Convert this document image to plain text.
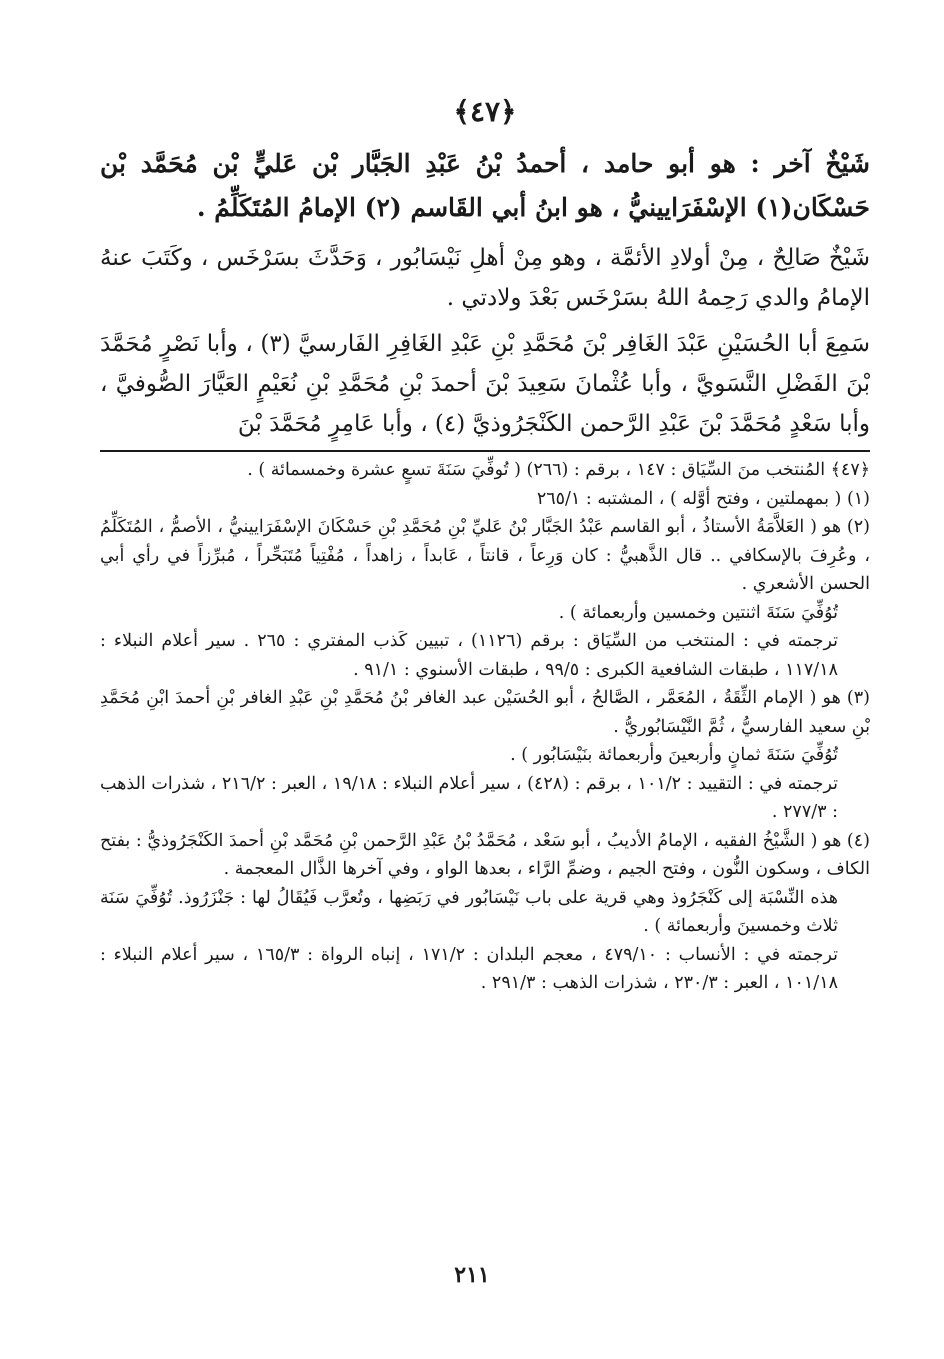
﴿٤٧﴾

شَيْخٌ آخر : هو أبو حامد ، أحمدُ بْنُ عَبْدِ الجَبَّار بْن عَليٍّ بْن مُحَمَّد بْن حَسْكَان(١) الإسْفَرَايينيُّ ، هو ابنُ أبي القَاسم (٢) الإمامُ المُتَكَلِّمُ .

شَيْخٌ صَالِحٌ ، مِنْ أولادِ الأئمَّة ، وهو مِنْ أهلِ نَيْسَابُور ، وَحَدَّثَ بسَرْخَس ، وكَتَبَ عنهُ الإمامُ والدي رَحِمهُ اللهُ بسَرْخَس بَعْدَ ولادتي .

سَمِعَ أبا الحُسَيْنِ عَبْدَ الغَافِر بْنَ مُحَمَّدِ بْنِ عَبْدِ الغَافِرِ الفَارسيَّ (٣) ، وأبا نَصْرٍ مُحَمَّدَ بْنَ الفَضْلِ النَّسَويَّ ، وأبا عُثْمانَ سَعِيدَ بْنَ أحمدَ بْنِ مُحَمَّدِ بْنِ نُعَيْمٍ العَيَّارَ الصُّوفيَّ ، وأبا سَعْدٍ مُحَمَّدَ بْنَ عَبْدِ الرَّحمن الكَنْجَرُوذيَّ (٤) ، وأبا عَامِرٍ مُحَمَّدَ بْنَ

﴿٤٧﴾ المُنتخب منَ السِّيَاق : ١٤٧ ، برقم : (٢٦٦) ( تُوفِّيَ سَنَةَ تسعٍ عشرة وخمسمائة ) .

(١) ( بمهملتين ، وفتح أوَّله ) ، المشتبه : ٢٦٥/١

(٢) هو ( العَلاَّمَةُ الأستاذُ ، أبو القاسم عَبْدُ الجَبَّار بْنُ عَليِّ بْنِ مُحَمَّدِ بْنِ حَسْكَانَ الإسْفَرَايينيُّ ، الأصمُّ ، المُتَكَلِّمُ ، وعُرِفَ بالإسكافي .. قال الذَّهبيُّ : كان وَرِعاً ، قانتاً ، عَابداً ، زاهداً ، مُفْتِياً مُتَبَحِّراً ، مُبرِّزاً في رأي أبي الحسن الأشعري .

تُوُفِّيَ سَنَةَ اثنتين وخمسين وأربعمائة ) .

ترجمته في : المنتخب من السِّيَاق : برقم (١١٢٦) ، تبيين كَذب المفتري : ٢٦٥ . سير أعلام النبلاء : ١١٧/١٨ ، طبقات الشافعية الكبرى : ٩٩/٥ ، طبقات الأسنوي : ٩١/١ .

(٣) هو ( الإمام الثِّقَةُ ، المُعَمَّر ، الصَّالحُ ، أبو الحُسَيْن عبد الغافر بْنُ مُحَمَّدِ بْنِ عَبْدِ الغافر بْنِ أحمدَ ابْنِ مُحَمَّدِ بْنِ سعيد الفارسيُّ ، ثُمَّ النَّيْسَابُوريُّ .

تُوُفِّيَ سَنَةَ ثمانٍ وأربعينَ وأربعمائة بنَيْسَابُور ) .

ترجمته في : التقييد : ١٠١/٢ ، برقم : (٤٢٨) ، سير أعلام النبلاء : ١٩/١٨ ، العبر : ٢١٦/٢ ، شذرات الذهب : ٢٧٧/٣ .

(٤) هو ( الشَّيْخُ الفقيه ، الإمامُ الأديبُ ، أبو سَعْد ، مُحَمَّدُ بْنُ عَبْدِ الرَّحمن بْنِ مُحَمَّد بْنِ أحمدَ الكَنْجَرُوذيُّ : بفتح الكاف ، وسكون النُّون ، وفتح الجيم ، وضمِّ الرَّاء ، بعدها الواو ، وفي آخرها الذَّال المعجمة .

هذه النِّسْبَة إلى كَنْجَرُوذ وهي قرية على باب نَيْسَابُور في رَبَضِها ، وتُعرَّب فَيُقَالُ لها : جَنْزَرُوذ. تُوُفِّيَ سَنَة ثلاث وخمسينَ وأربعمائة ) .

ترجمته في : الأنساب : ٤٧٩/١٠ ، معجم البلدان : ١٧١/٢ ، إنباه الرواة : ١٦٥/٣ ، سير أعلام النبلاء : ١٠١/١٨ ، العبر : ٢٣٠/٣ ، شذرات الذهب : ٢٩١/٣ .

٢١١
